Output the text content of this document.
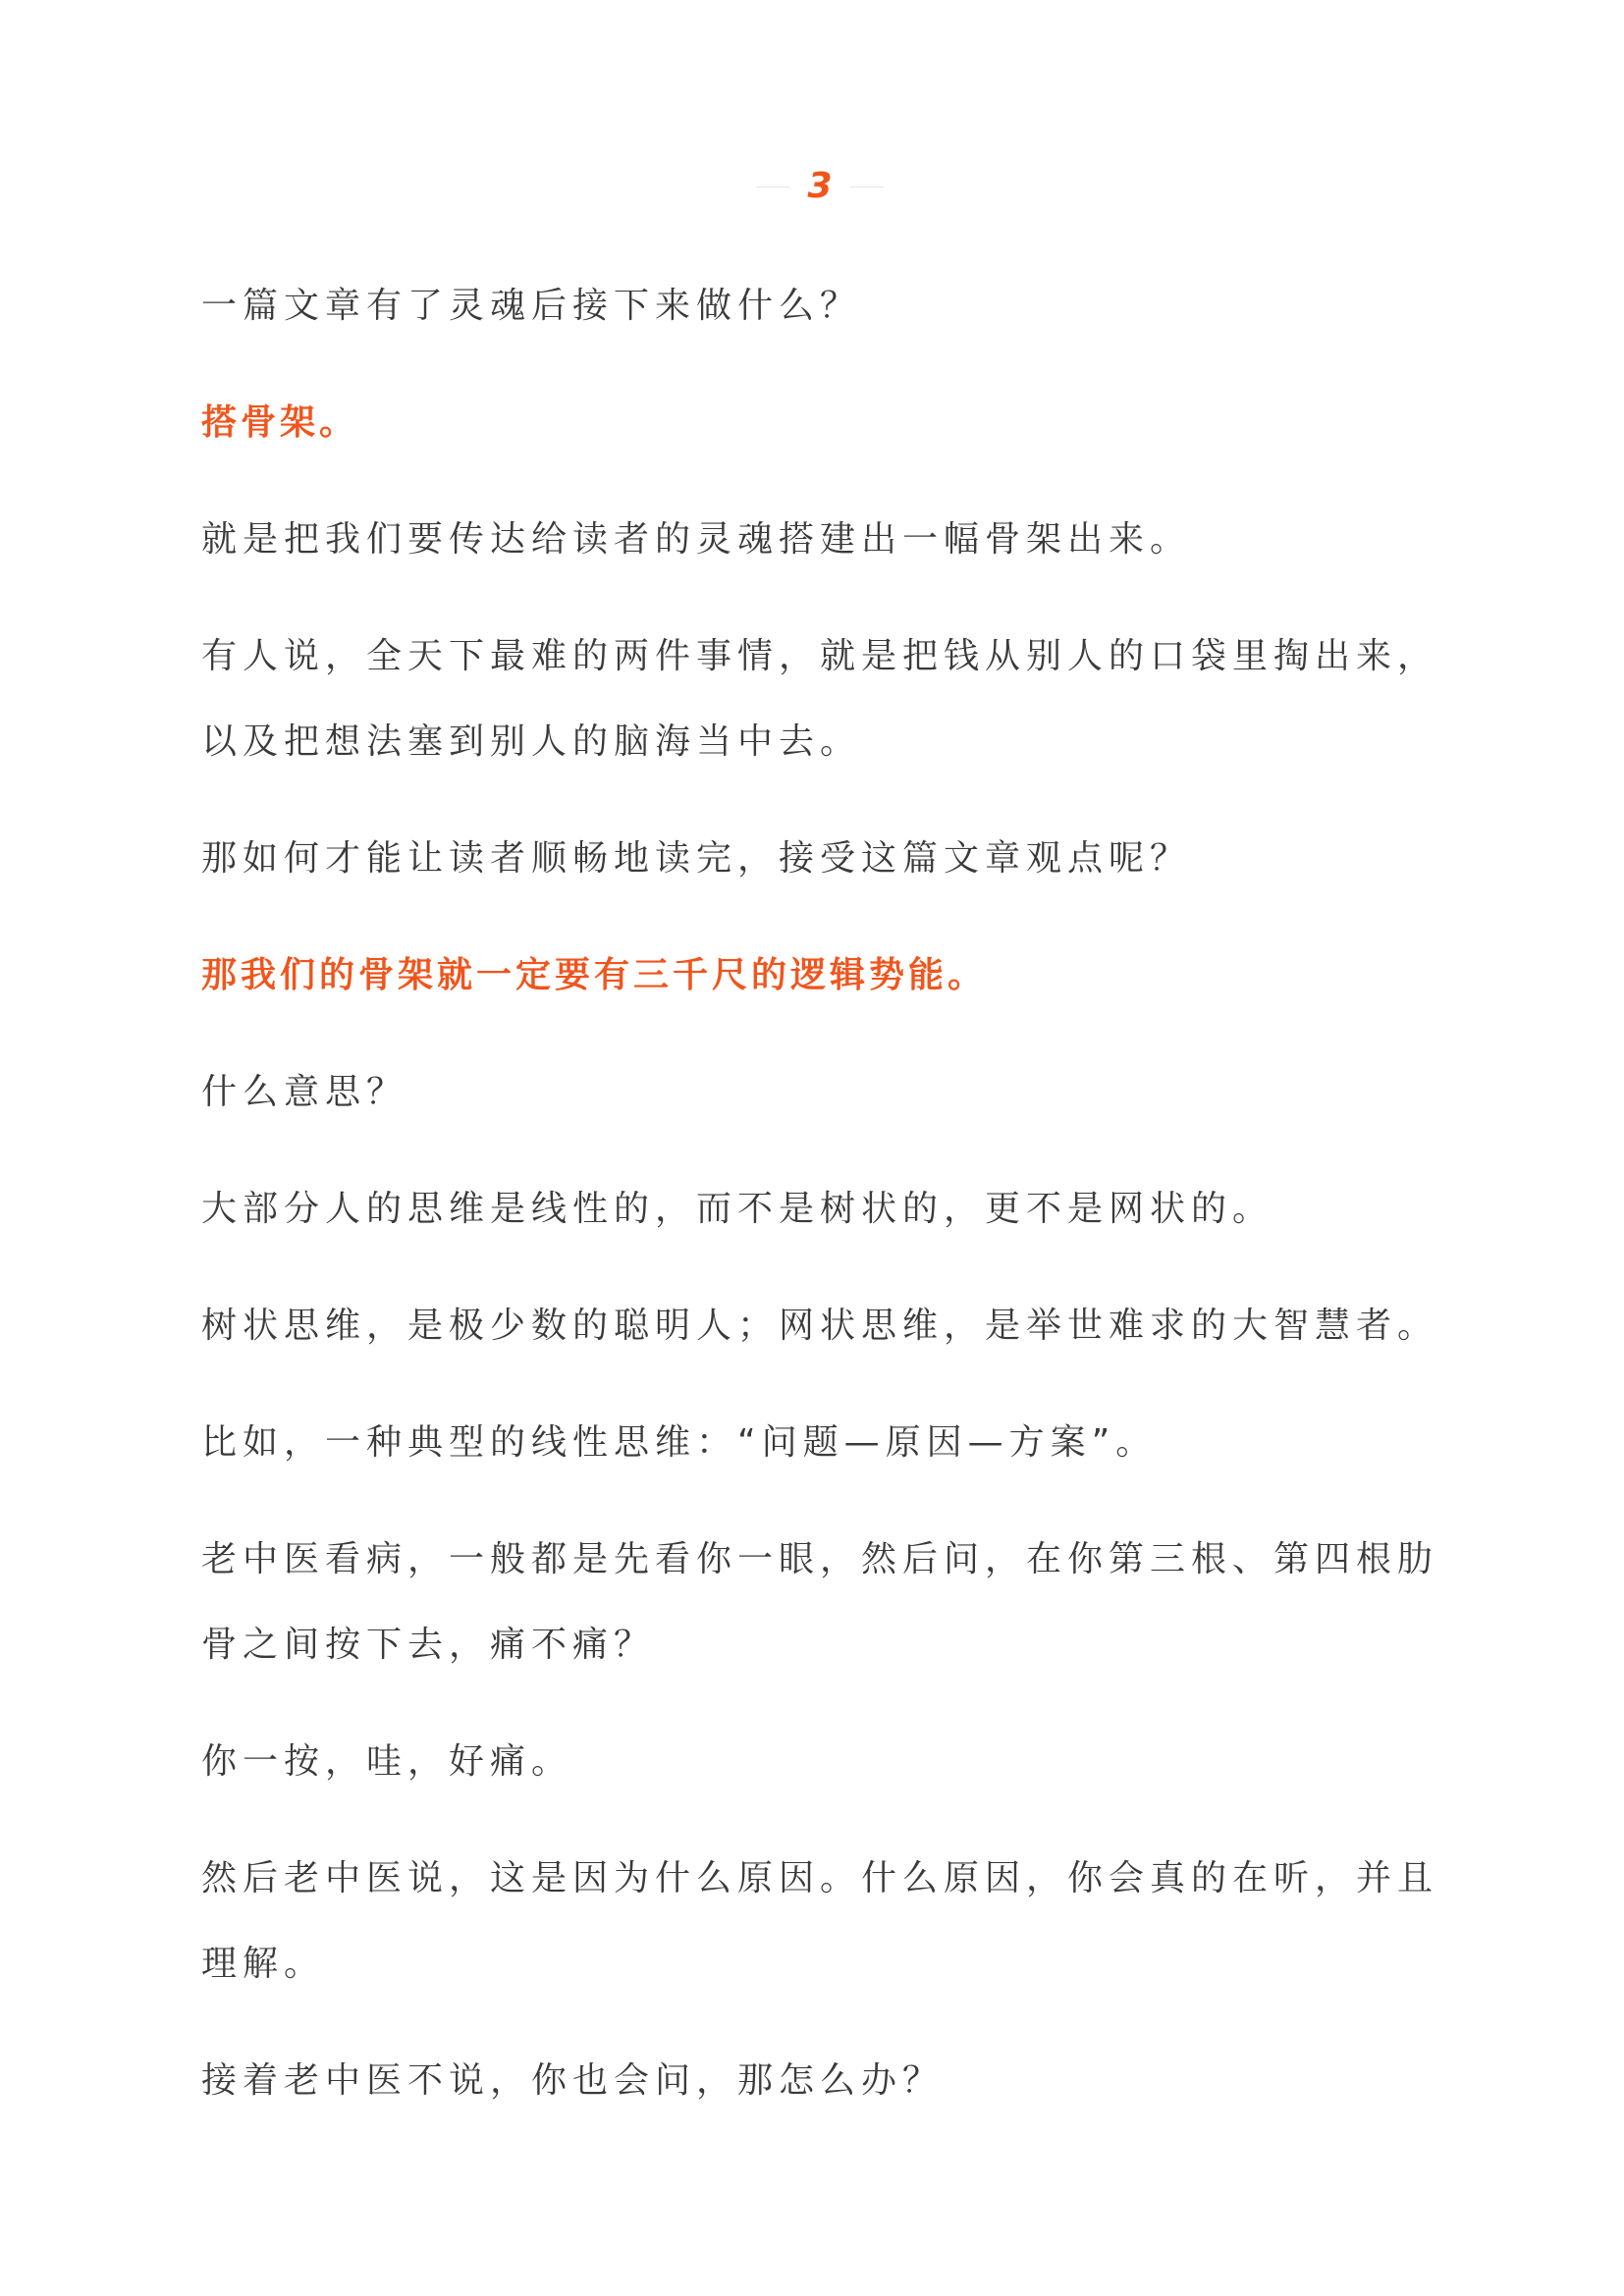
3

一篇文章有了灵魂后接下来做什么？

搭骨架。

就是把我们要传达给读者的灵魂搭建出一幅骨架出来。

有人说，全天下最难的两件事情，就是把钱从别人的口袋里掏出来，以及把想法塞到别人的脑海当中去。

那如何才能让读者顺畅地读完，接受这篇文章观点呢？

那我们的骨架就一定要有三千尺的逻辑势能。

什么意思？

大部分人的思维是线性的，而不是树状的，更不是网状的。

树状思维，是极少数的聪明人；网状思维，是举世难求的大智慧者。

比如，一种典型的线性思维：“问题—原因—方案”。

老中医看病，一般都是先看你一眼，然后问，在你第三根、第四根肋骨之间按下去，痛不痛？

你一按，哇，好痛。

然后老中医说，这是因为什么原因。什么原因，你会真的在听，并且理解。

接着老中医不说，你也会问，那怎么办？
